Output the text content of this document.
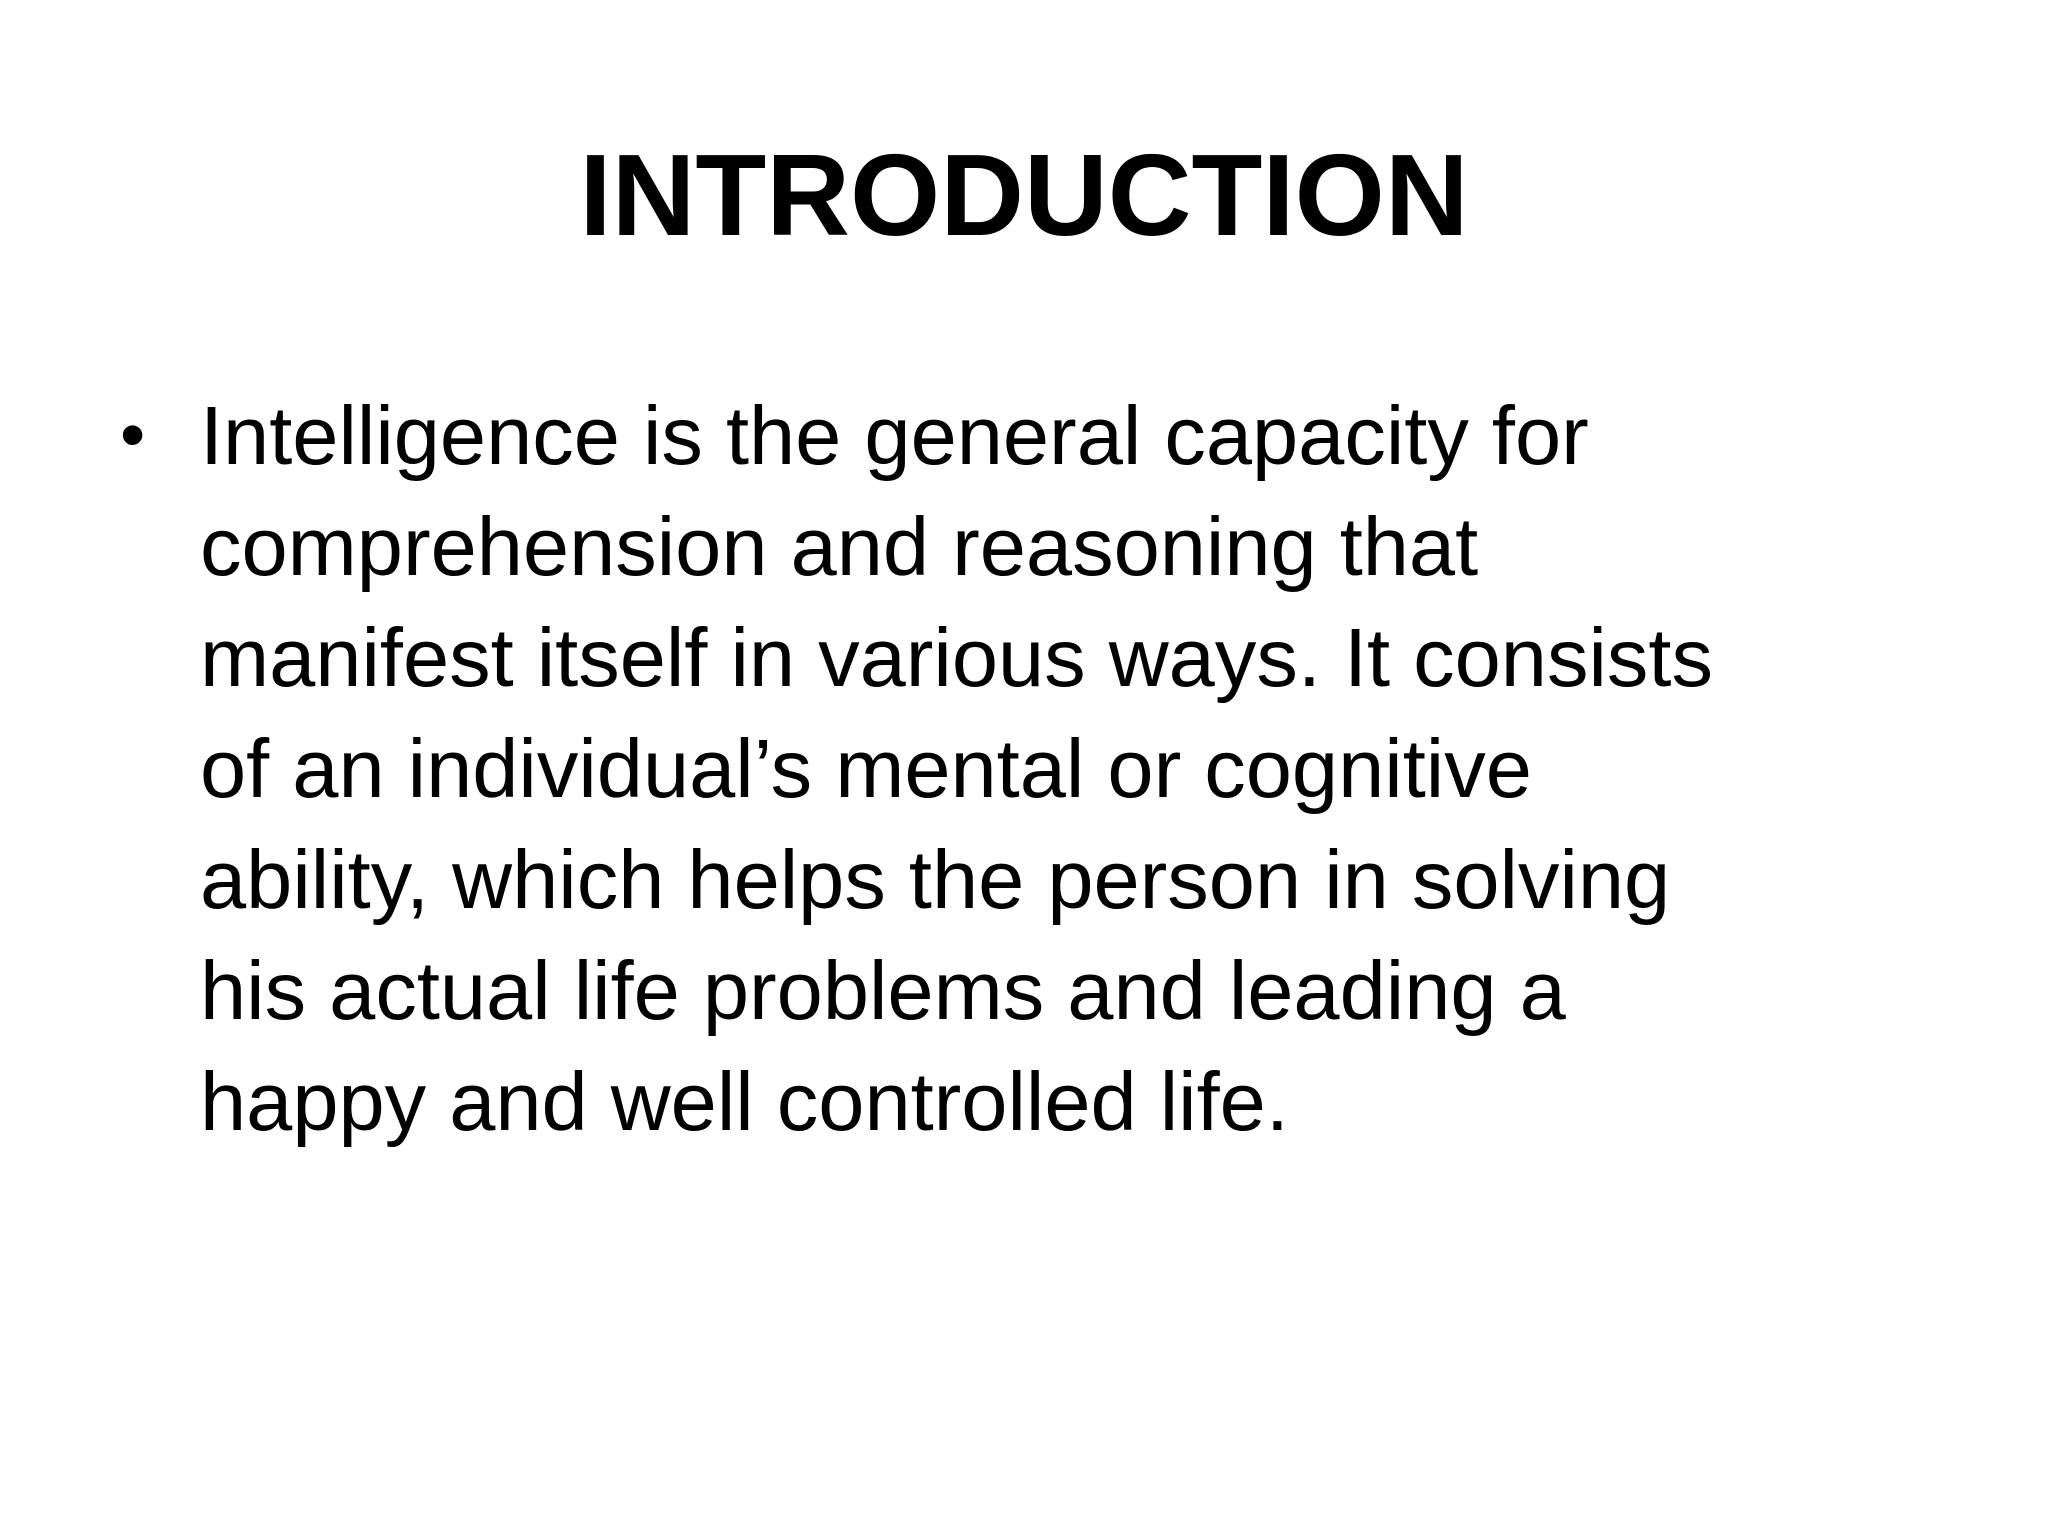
INTRODUCTION
• Intelligence is the general capacity for
comprehension and reasoning that
manifest itself in various ways. It consists
of an individual’s mental or cognitive
ability, which helps the person in solving
his actual life problems and leading a
happy and well controlled life.
